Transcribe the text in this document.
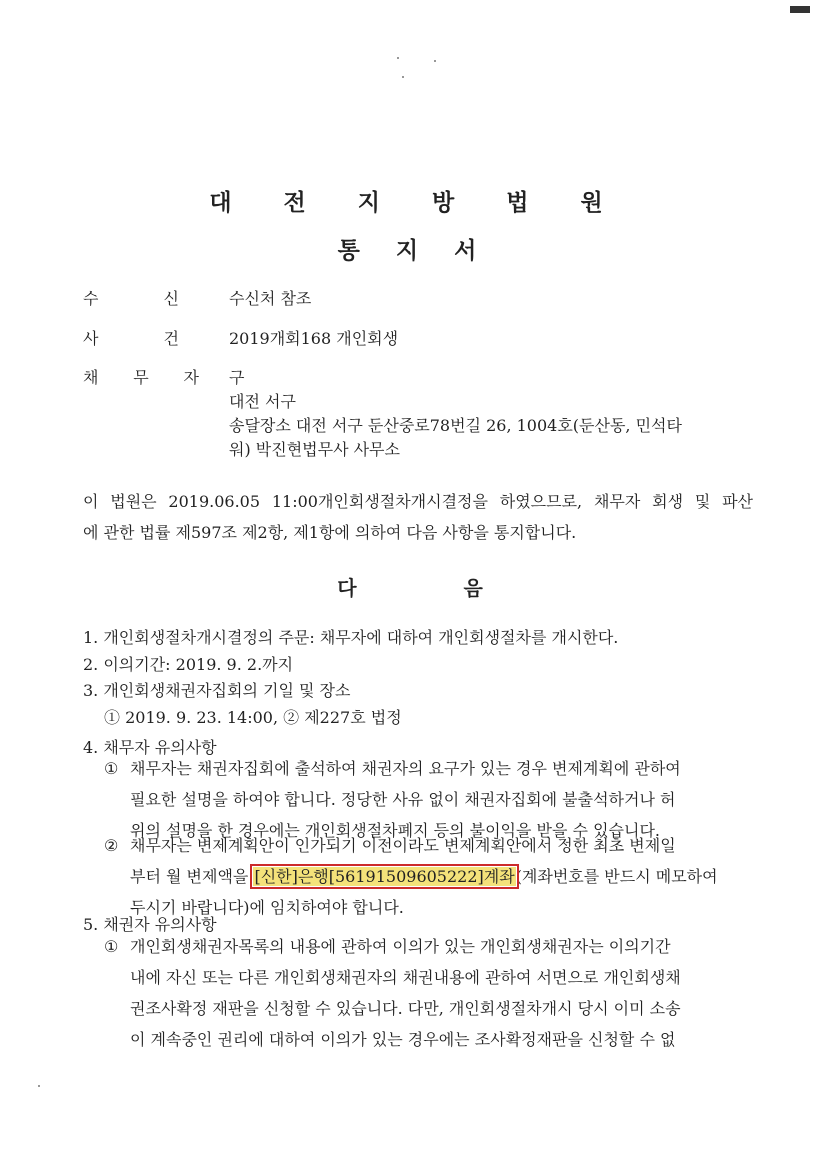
대 전 지 방 법 원
통 지 서
수	신	수신처 참조
사	건	2019개회168 개인회생
채 무 자 구
대전 서구
송달장소 대전 서구 둔산중로78번길 26, 1004호(둔산동, 민석타
워) 박진현법무사 사무소
이 법원은 2019.06.05 11:00개인회생절차개시결정을 하였으므로, 채무자 회생 및 파산
에 관한 법률 제597조 제2항, 제1항에 의하여 다음 사항을 통지합니다.
다 음
1. 개인회생절차개시결정의 주문: 채무자에 대하여 개인회생절차를 개시한다.
2. 이의기간: 2019. 9. 2.까지
3. 개인회생채권자집회의 기일 및 장소
① 2019. 9. 23. 14:00, ② 제227호 법정
4. 채무자 유의사항
① 채무자는 채권자집회에 출석하여 채권자의 요구가 있는 경우 변제계획에 관하여
필요한 설명을 하여야 합니다. 정당한 사유 없이 채권자집회에 불출석하거나 허
위의 설명을 한 경우에는 개인회생절차폐지 등의 불이익을 받을 수 있습니다.
② 채무자는 변제계획안이 인가되기 이전이라도 변제계획안에서 정한 최초 변제일
부터 월 변제액을 [신한]은행[56191509605222]계좌(계좌번호를 반드시 메모하여
두시기 바랍니다)에 임치하여야 합니다.
5. 채권자 유의사항
① 개인회생채권자목록의 내용에 관하여 이의가 있는 개인회생채권자는 이의기간
내에 자신 또는 다른 개인회생채권자의 채권내용에 관하여 서면으로 개인회생채
권조사확정 재판을 신청할 수 있습니다. 다만, 개인회생절차개시 당시 이미 소송
이 계속중인 권리에 대하여 이의가 있는 경우에는 조사확정재판을 신청할 수 없
